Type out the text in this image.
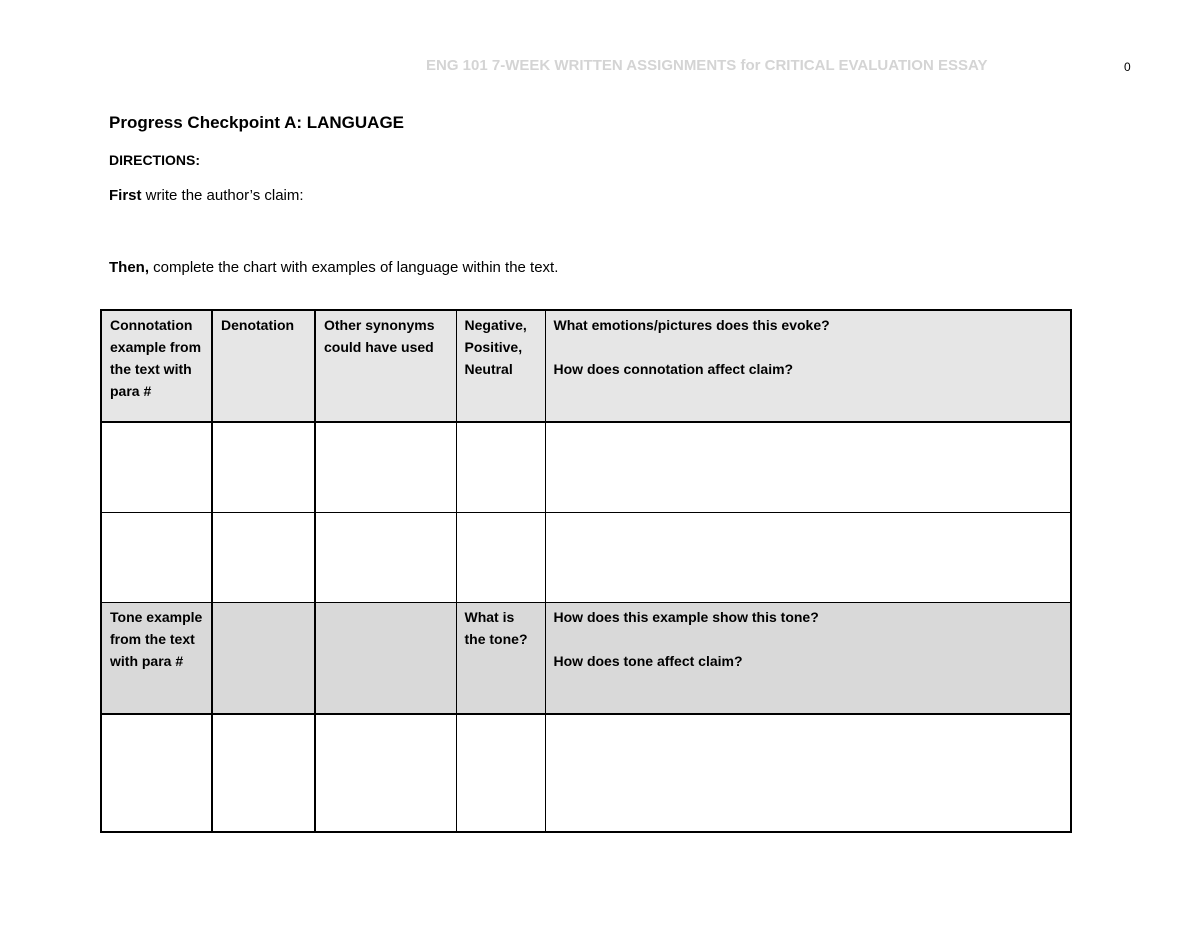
ENG 101 7-WEEK WRITTEN ASSIGNMENTS for CRITICAL EVALUATION ESSAY	0
Progress Checkpoint A: LANGUAGE
DIRECTIONS:
First write the author’s claim:
Then, complete the chart with examples of language within the text.
Connotation example from the text with para #	Denotation	Other synonyms could have used	Negative, Positive, Neutral	What emotions/pictures does this evoke?
How does connotation affect claim?

Tone example from the text with para #			What is the tone?	How does this example show this tone?
How does tone affect claim?
